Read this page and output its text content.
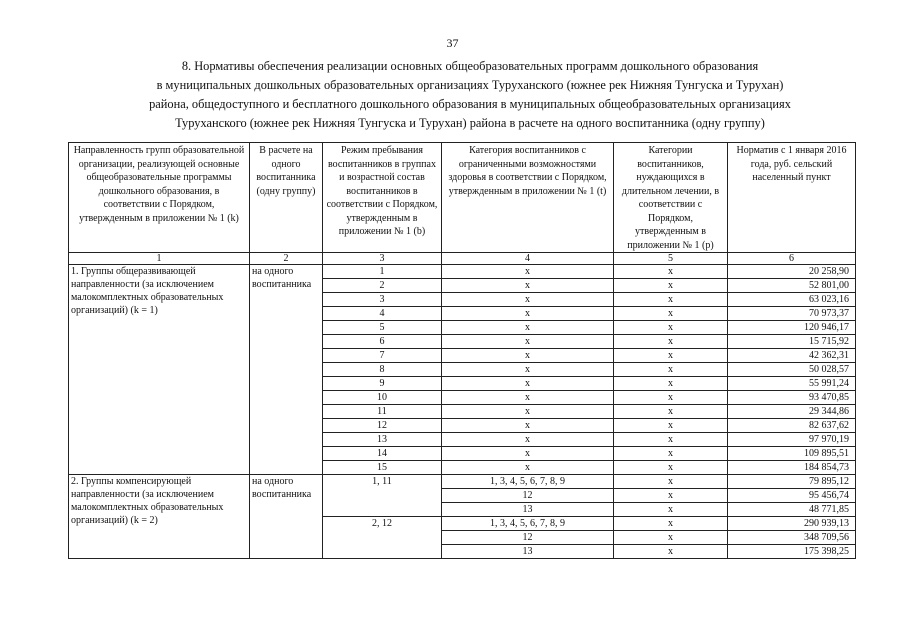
37
8. Нормативы обеспечения реализации основных общеобразовательных программ дошкольного образования
в муниципальных дошкольных образовательных организациях Туруханского (южнее рек Нижняя Тунгуска и Турухан)
района, общедоступного и бесплатного дошкольного образования в муниципальных общеобразовательных организациях
Туруханского (южнее рек Нижняя Тунгуска и Турухан) района в расчете на одного воспитанника (одну группу)
Направленность групп образовательной организации, реализующей основные общеобразовательные программы дошкольного образования, в соответствии с Порядком, утвержденным в приложении № 1 (k)	В расчете на одного воспитанника (одну группу)	Режим пребывания воспитанников в группах и возрастной состав воспитанников в соответствии с Порядком, утвержденным в приложении № 1 (b)	Категория воспитанников с ограниченными возможностями здоровья в соответствии с Порядком, утвержденным в приложении № 1 (t)	Категории воспитанников, нуждающихся в длительном лечении, в соответствии с Порядком, утвержденным в приложении № 1 (p)	Норматив с 1 января 2016 года, руб. сельский населенный пункт
1	2	3	4	5	6
1. Группы общеразвивающей направленности (за исключением малокомплектных образовательных организаций) (k = 1)	на одного воспитанника	1	x	x	20 258,90
		2	x	x	52 801,00
		3	x	x	63 023,16
		4	x	x	70 973,37
		5	x	x	120 946,17
		6	x	x	15 715,92
		7	x	x	42 362,31
		8	x	x	50 028,57
		9	x	x	55 991,24
		10	x	x	93 470,85
		11	x	x	29 344,86
		12	x	x	82 637,62
		13	x	x	97 970,19
		14	x	x	109 895,51
		15	x	x	184 854,73
2. Группы компенсирующей направленности (за исключением малокомплектных образовательных организаций) (k = 2)	на одного воспитанника	1, 11	1, 3, 4, 5, 6, 7, 8, 9	x	79 895,12
			12	x	95 456,74
			13	x	48 771,85
		2, 12	1, 3, 4, 5, 6, 7, 8, 9	x	290 939,13
			12	x	348 709,56
			13	x	175 398,25
